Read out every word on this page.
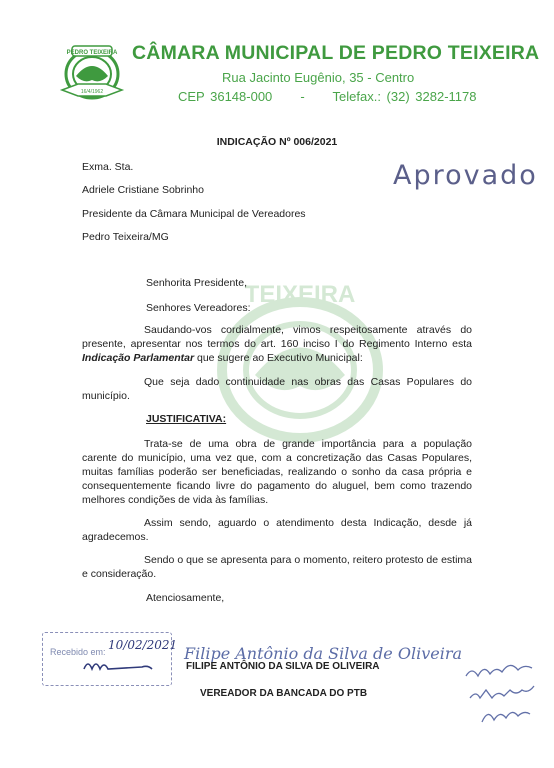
PEDRO TEIXEIRA
16/4/1962
CÂMARA MUNICIPAL DE PEDRO TEIXEIRA
Rua Jacinto Eugênio, 35 - Centro
CEP 36148-000 - Telefax.: (32) 3282-1178
TEIXEIRA
INDICAÇÃO Nº 006/2021
Exma. Sta.
Adriele Cristiane Sobrinho
Presidente da Câmara Municipal de Vereadores
Pedro Teixeira/MG
Aprovado
Senhorita Presidente,
Senhores Vereadores:
Saudando-vos cordialmente, vimos respeitosamente através do presente, apresentar nos termos do art. 160 inciso I do Regimento Interno esta Indicação Parlamentar que sugere ao Executivo Municipal:
Que seja dado continuidade nas obras das Casas Populares do município.
JUSTIFICATIVA:
Trata-se de uma obra de grande importância para a população carente do município, uma vez que, com a concretização das Casas Populares, muitas famílias poderão ser beneficiadas, realizando o sonho da casa própria e consequentemente ficando livre do pagamento do aluguel, bem como trazendo melhores condições de vida às famílias.
Assim sendo, aguardo o atendimento desta Indicação, desde já agradecemos.
Sendo o que se apresenta para o momento, reitero protesto de estima e consideração.
Atenciosamente,
Recebido em: 10/02/2021 Filipe Antônio da Silva de Oliveira
FILIPE ANTÔNIO DA SILVA DE OLIVEIRA
VEREADOR DA BANCADA DO PTB
